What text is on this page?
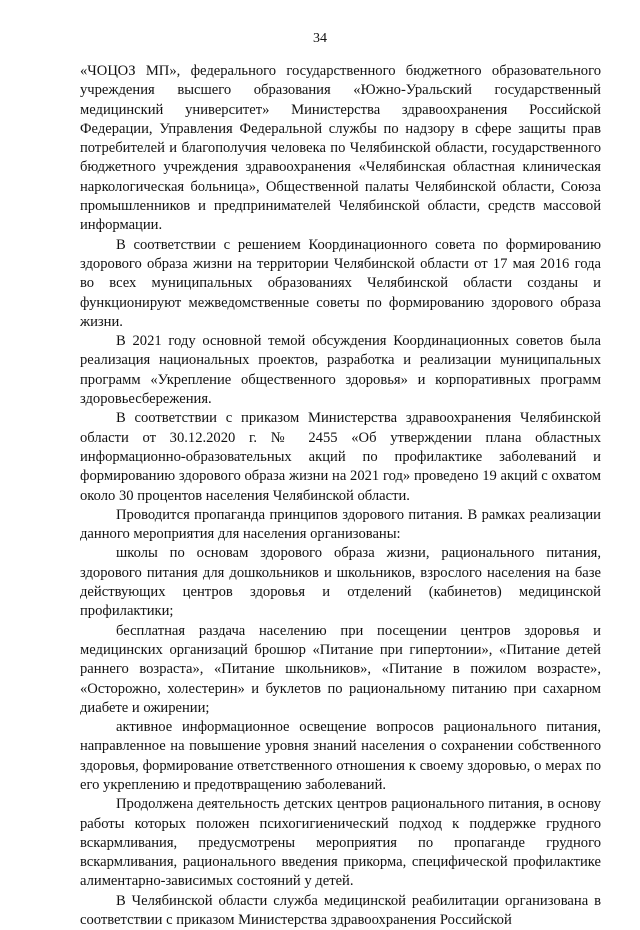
34

«ЧОЦОЗ МП», федерального государственного бюджетного образовательного учреждения высшего образования «Южно-Уральский государственный медицинский университет» Министерства здравоохранения Российской Федерации, Управления Федеральной службы по надзору в сфере защиты прав потребителей и благополучия человека по Челябинской области, государственного бюджетного учреждения здравоохранения «Челябинская областная клиническая наркологическая больница», Общественной палаты Челябинской области, Союза промышленников и предпринимателей Челябинской области, средств массовой информации.

В соответствии с решением Координационного совета по формированию здорового образа жизни на территории Челябинской области от 17 мая 2016 года во всех муниципальных образованиях Челябинской области созданы и функционируют межведомственные советы по формированию здорового образа жизни.

В 2021 году основной темой обсуждения Координационных советов была реализация национальных проектов, разработка и реализации муниципальных программ «Укрепление общественного здоровья» и корпоративных программ здоровьесбережения.

В соответствии с приказом Министерства здравоохранения Челябинской области от 30.12.2020 г. № 2455 «Об утверждении плана областных информационно-образовательных акций по профилактике заболеваний и формированию здорового образа жизни на 2021 год» проведено 19 акций с охватом около 30 процентов населения Челябинской области.

Проводится пропаганда принципов здорового питания. В рамках реализации данного мероприятия для населения организованы:

школы по основам здорового образа жизни, рационального питания, здорового питания для дошкольников и школьников, взрослого населения на базе действующих центров здоровья и отделений (кабинетов) медицинской профилактики;

бесплатная раздача населению при посещении центров здоровья и медицинских организаций брошюр «Питание при гипертонии», «Питание детей раннего возраста», «Питание школьников», «Питание в пожилом возрасте», «Осторожно, холестерин» и буклетов по рациональному питанию при сахарном диабете и ожирении;

активное информационное освещение вопросов рационального питания, направленное на повышение уровня знаний населения о сохранении собственного здоровья, формирование ответственного отношения к своему здоровью, о мерах по его укреплению и предотвращению заболеваний.

Продолжена деятельность детских центров рационального питания, в основу работы которых положен психогигиенический подход к поддержке грудного вскармливания, предусмотрены мероприятия по пропаганде грудного вскармливания, рационального введения прикорма, специфической профилактике алиментарно-зависимых состояний у детей.

В Челябинской области служба медицинской реабилитации организована в соответствии с приказом Министерства здравоохранения Российской
